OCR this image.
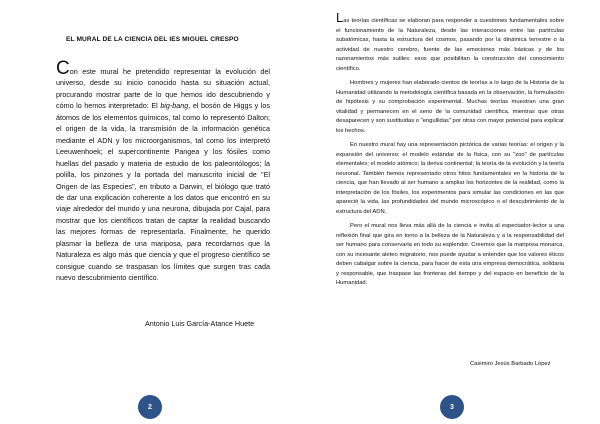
EL MURAL DE LA CIENCIA DEL IES MIGUEL CRESPO
Con este mural he pretendido representar la evolución del universo, desde su inicio conocido hasta su situación actual, procurando mostrar parte de lo que hemos ido descubriendo y cómo lo hemos interpretado: El big-bang, el bosón de Higgs y los átomos de los elementos químicos, tal como lo representó Dalton; el origen de la vida, la transmisión de la información genética mediante el ADN y los microorganismos, tal como los interpretó Leeuwenhoek; el supercontinente Pangea y los fósiles como huellas del pasado y materia de estudio de los paleontólogos; la polilla, los pinzones y la portada del manuscrito inicial de "El Origen de las Especies", en tributo a Darwin, el biólogo que trató de dar una explicación coherente a los datos que encontró en su viaje alrededor del mundo y una neurona, dibujada por Cajal, para mostrar que los científicos tratan de captar la realidad buscando las mejores formas de representarla. Finalmente, he querido plasmar la belleza de una mariposa, para recordarnos que la Naturaleza es algo más que ciencia y que el progreso científico se consigue cuando se traspasan los límites que surgen tras cada nuevo descubrimiento científico.
Antonio Luis García-Atance Huete
2

Las teorías científicas se elaboran para responder a cuestiones fundamentales sobre el funcionamiento de la Naturaleza, desde las interacciones entre las partículas subatómicas, hasta la estructura del cosmos, pasando por la dinámica terrestre o la actividad de nuestro cerebro, fuente de las emociones más básicas y de los razonamientos más sutiles: esos que posibilitan la construcción del conocimiento científico.

Hombres y mujeres han elaborado cientos de teorías a lo largo de la Historia de la Humanidad utilizando la metodología científica basada en la observación, la formulación de hipótesis y su comprobación experimental. Muchas teorías muestran una gran vitalidad y permanecen en el seno de la comunidad científica, mientras que otras desaparecen y son sustituidas o "engullidas" por otras con mayor potencial para explicar los hechos.

En nuestro mural hay una representación pictórica de varias teorías: el origen y la expansión del universo; el modelo estándar de la física, con su "zoo" de partículas elementales; el modelo atómico; la deriva continental; la teoría de la evolución y la teoría neuronal. También hemos representado otros hitos fundamentales en la historia de la ciencia, que han llevado al ser humano a ampliar los horizontes de la realidad, como la interpretación de los fósiles, los experimentos para simular las condiciones en las que apareció la vida, las profundidades del mundo microscópico o el descubrimiento de la estructura del ADN.

Pero el mural nos lleva más allá de la ciencia e invita al espectador-lector a una reflexión final que gira en torno a la belleza de la Naturaleza y a la responsabilidad del ser humano para conservarla en todo su esplendor. Creemos que la mariposa monarca, con su incesante aleteo migratorio, nos puede ayudar a entender que los valores éticos deben cabalgar sobre la ciencia, para hacer de esta una empresa democrática, solidaria y responsable, que traspase las fronteras del tiempo y del espacio en beneficio de la Humanidad.

Casimiro Jesús Barbado López
3
